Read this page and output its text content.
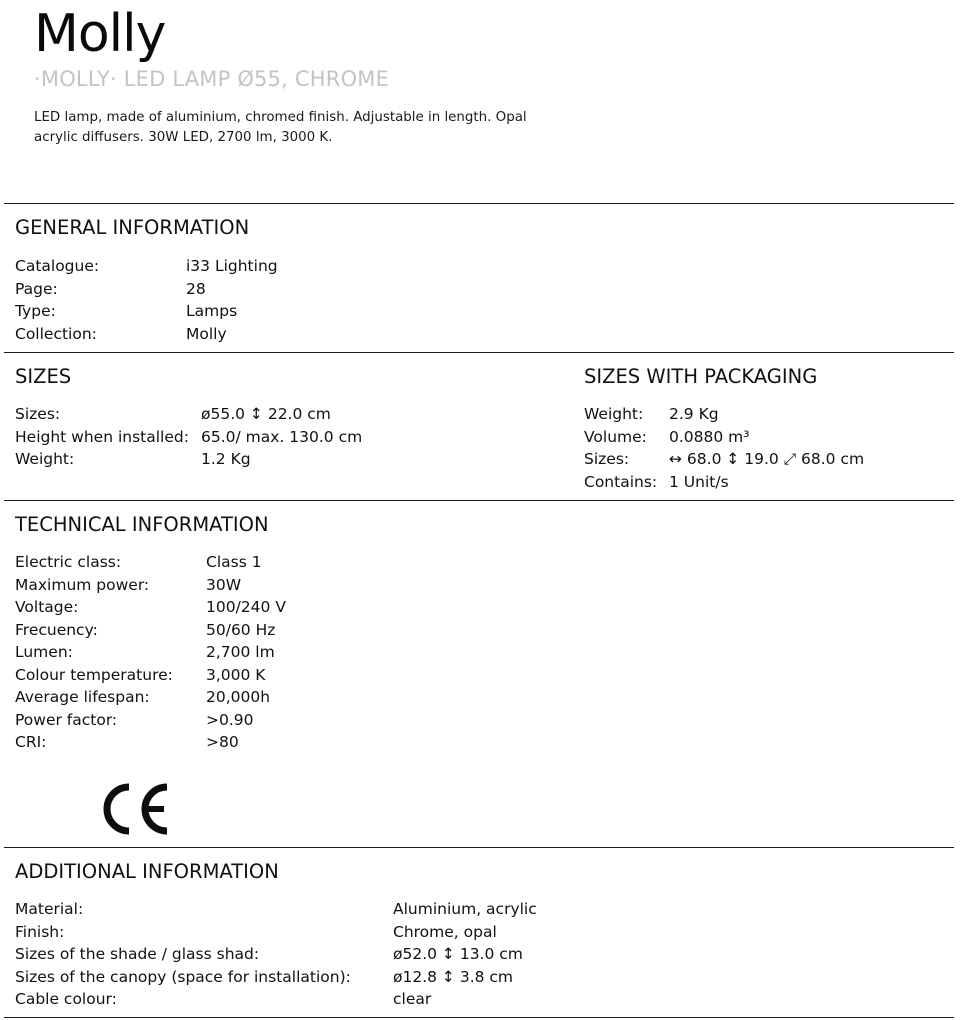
Molly

·MOLLY· LED LAMP Ø55, CHROME

LED lamp, made of aluminium, chromed finish. Adjustable in length. Opal acrylic diffusers. 30W LED, 2700 lm, 3000 K.

GENERAL INFORMATION
Catalogue:	i33 Lighting
Page:	28
Type:	Lamps
Collection:	Molly
SIZES
Sizes:	ø55.0 ↕ 22.0 cm
Height when installed: 65.0/ max. 130.0 cm
Weight:	1.2 Kg
SIZES WITH PACKAGING
Weight:	2.9 Kg
Volume:	0.0880 m³
Sizes:	↔ 68.0 ↕ 19.0 ⤢ 68.0 cm
Contains: 1 Unit/s
TECHNICAL INFORMATION
Electric class:	Class 1
Maximum power:	30W
Voltage:	100/240 V
Frecuency:	50/60 Hz
Lumen:	2,700 lm
Colour temperature:	3,000 K
Average lifespan:	20,000h
Power factor:	>0.90
CRI:	>80
ADDITIONAL INFORMATION
Material:	Aluminium, acrylic
Finish:	Chrome, opal
Sizes of the shade / glass shad:	ø52.0 ↕ 13.0 cm
Sizes of the canopy (space for installation):	ø12.8 ↕ 3.8 cm
Cable colour:	clear
